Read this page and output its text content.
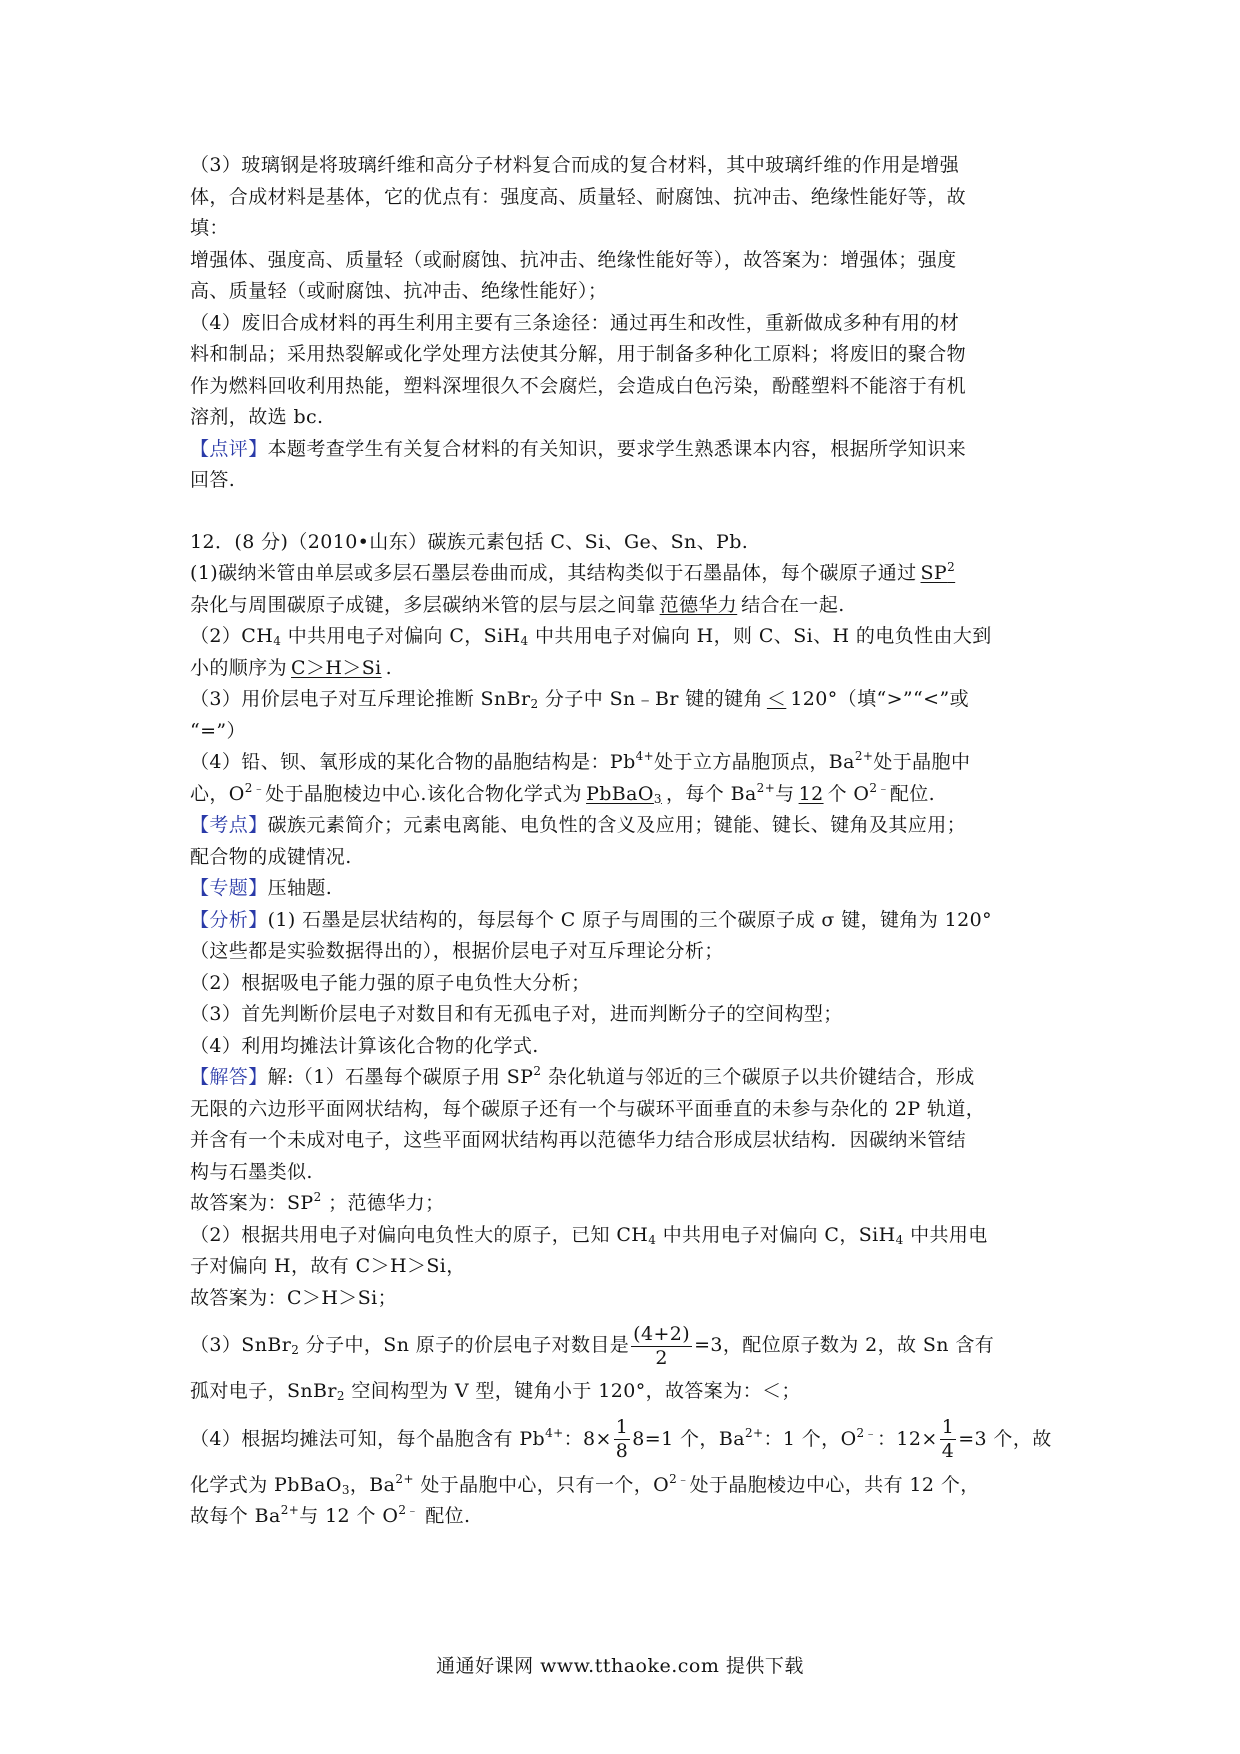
（3）玻璃钢是将玻璃纤维和高分子材料复合而成的复合材料，其中玻璃纤维的作用是增强
体，合成材料是基体，它的优点有：强度高、质量轻、耐腐蚀、抗冲击、绝缘性能好等，故
填：
增强体、强度高、质量轻（或耐腐蚀、抗冲击、绝缘性能好等），故答案为：增强体；强度
高、质量轻（或耐腐蚀、抗冲击、绝缘性能好）；
（4）废旧合成材料的再生利用主要有三条途径：通过再生和改性，重新做成多种有用的材
料和制品；采用热裂解或化学处理方法使其分解，用于制备多种化工原料；将废旧的聚合物
作为燃料回收利用热能，塑料深埋很久不会腐烂，会造成白色污染，酚醛塑料不能溶于有机
溶剂，故选 bc.
【点评】本题考查学生有关复合材料的有关知识，要求学生熟悉课本内容，根据所学知识来
回答.
12．(8 分)（2010•山东）碳族元素包括 C、Si、Ge、Sn、Pb.
(1)碳纳米管由单层或多层石墨层卷曲而成，其结构类似于石墨晶体，每个碳原子通过 $SP^2$
杂化与周围碳原子成键，多层碳纳米管的层与层之间靠 范德华力 结合在一起.
$(2)CH_4$ 中共用电子对偏向 C，SiH$_4$ 中共用电子对偏向 H，则 C、Si、H 的电负性由大到
小的顺序为 C＞H＞Si .
（3）用价层电子对互斥理论推断 SnBr$_2$ 分子中 Sn﹣Br 键的键角 ＜ 120°（填“>”“<”或
“=”）
（4）铅、钡、氧形成的某化合物的晶胞结构是：$Pb^{4+}$处于立方晶胞顶点，$Ba^{2+}$处于晶胞中
心，$O^{2﹣}$处于晶胞棱边中心.该化合物化学式为 PbBaO$_3$ ，每个 $Ba^{2+}$与 12 个 $O^{2﹣}$配位.
【考点】碳族元素简介；元素电离能、电负性的含义及应用；键能、键长、键角及其应用；
配合物的成键情况.
【专题】压轴题.
【分析】(1) 石墨是层状结构的，每层每个 C 原子与周围的三个碳原子成 σ 键，键角为 120°
（这些都是实验数据得出的），根据价层电子对互斥理论分析；
（2）根据吸电子能力强的原子电负性大分析；
（3）首先判断价层电子对数目和有无孤电子对，进而判断分子的空间构型；
（4）利用均摊法计算该化合物的化学式.
【解答】解:（1）石墨每个碳原子用 $SP^2$ 杂化轨道与邻近的三个碳原子以共价键结合，形成
无限的六边形平面网状结构，每个碳原子还有一个与碳环平面垂直的未参与杂化的 2P 轨道，
并含有一个未成对电子，这些平面网状结构再以范德华力结合形成层状结构．因碳纳米管结
构与石墨类似.
故答案为：$SP^2$ ；范德华力；
（2）根据共用电子对偏向电负性大的原子，已知 $CH_4$ 中共用电子对偏向 C，SiH$_4$ 中共用电
子对偏向 H，故有 C＞H＞Si，
故答案为：C＞H＞Si；
（3）SnBr$_2$ 分子中，Sn 原子的价层电子对数目是 $\frac{(4+2)}{2} =3$，配位原子数为 2，故 Sn 含有
孤对电子，SnBr$_2$ 空间构型为 V 型，键角小于 120°，故答案为：＜；
（4）根据均摊法可知，每个晶胞含有 $Pb^{4+}$：$8\times \frac{1}{8} 8=1$ 个，$Ba^{2+}$：1 个，$O^{2﹣}$：$12\times \frac{1}{4} =3$ 个，故
化学式为 PbBaO$_3$，$Ba^{2+}$ 处于晶胞中心，只有一个，$O^{2﹣}$处于晶胞棱边中心，共有 12 个，
故每个 $Ba^{2+}$与 12 个 $O^{2﹣}$ 配位.
通通好课网 www.tthaoke.com 提供下载
